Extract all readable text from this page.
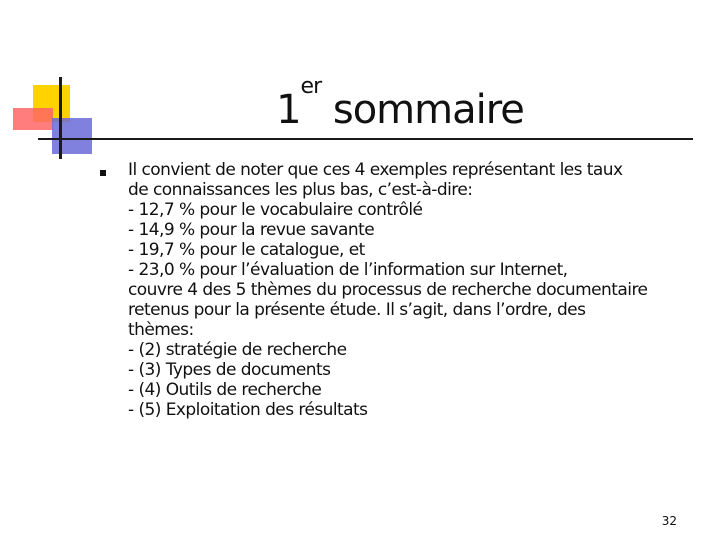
1er sommaire
Il convient de noter que ces 4 exemples représentant les taux
de connaissances les plus bas, c’est-à-dire:
- 12,7 % pour le vocabulaire contrôlé
- 14,9 % pour la revue savante
- 19,7 % pour le catalogue, et
- 23,0 % pour l’évaluation de l’information sur Internet,
couvre 4 des 5 thèmes du processus de recherche documentaire
retenus pour la présente étude. Il s’agit, dans l’ordre, des
thèmes:
- (2) stratégie de recherche
- (3) Types de documents
- (4) Outils de recherche
- (5) Exploitation des résultats
32
